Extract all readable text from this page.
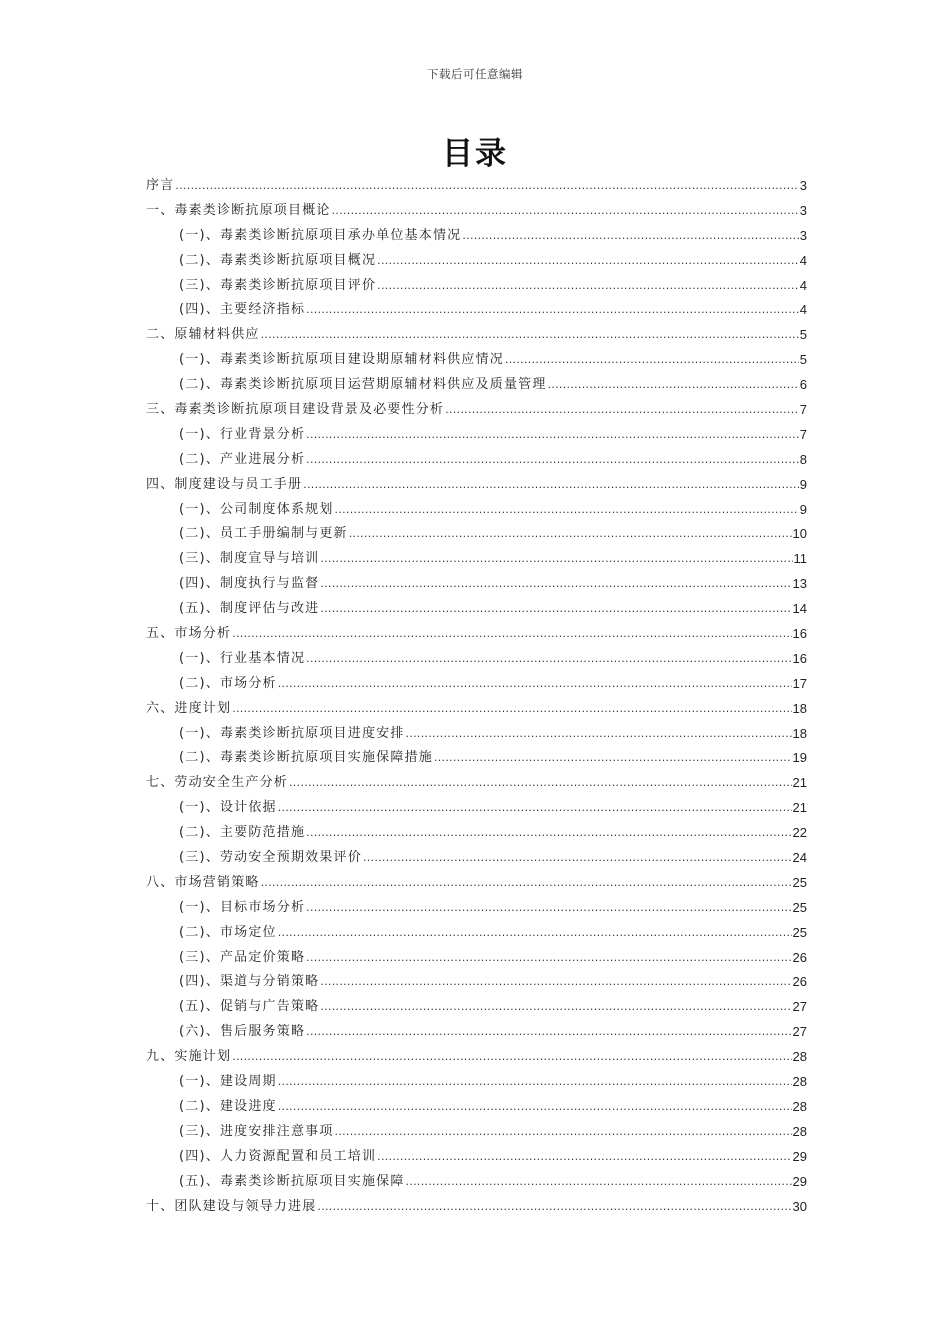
下载后可任意编辑
目录
序言 .....	3
一、毒素类诊断抗原项目概论 .....	3
(一)、毒素类诊断抗原项目承办单位基本情况 .....	3
(二)、毒素类诊断抗原项目概况 .....	4
(三)、毒素类诊断抗原项目评价 .....	4
(四)、主要经济指标 .....	4
二、原辅材料供应 .....	5
(一)、毒素类诊断抗原项目建设期原辅材料供应情况 .....	5
(二)、毒素类诊断抗原项目运营期原辅材料供应及质量管理 .....	6
三、毒素类诊断抗原项目建设背景及必要性分析 .....	7
(一)、行业背景分析 .....	7
(二)、产业进展分析 .....	8
四、制度建设与员工手册 .....	9
(一)、公司制度体系规划 .....	9
(二)、员工手册编制与更新 .....	10
(三)、制度宣导与培训 .....	11
(四)、制度执行与监督 .....	13
(五)、制度评估与改进 .....	14
五、市场分析 .....	16
(一)、行业基本情况 .....	16
(二)、市场分析 .....	17
六、进度计划 .....	18
(一)、毒素类诊断抗原项目进度安排 .....	18
(二)、毒素类诊断抗原项目实施保障措施 .....	19
七、劳动安全生产分析 .....	21
(一)、设计依据 .....	21
(二)、主要防范措施 .....	22
(三)、劳动安全预期效果评价 .....	24
八、市场营销策略 .....	25
(一)、目标市场分析 .....	25
(二)、市场定位 .....	25
(三)、产品定价策略 .....	26
(四)、渠道与分销策略 .....	26
(五)、促销与广告策略 .....	27
(六)、售后服务策略 .....	27
九、实施计划 .....	28
(一)、建设周期 .....	28
(二)、建设进度 .....	28
(三)、进度安排注意事项 .....	28
(四)、人力资源配置和员工培训 .....	29
(五)、毒素类诊断抗原项目实施保障 .....	29
十、团队建设与领导力进展 .....	30
